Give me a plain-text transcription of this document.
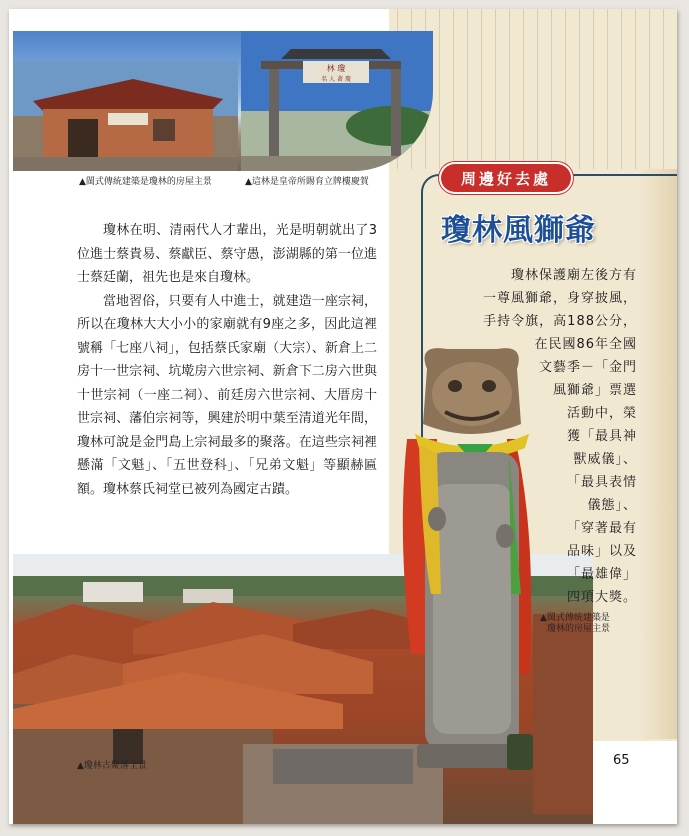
林 瓊
名 人 著 瓊
▲閩式傳統建築是瓊林的房屋主景	▲這林是皇帝所賜育立牌樓慶賀	周邊好去處
瓊林風獅爺

瓊林在明、清兩代人才輩出，光是明朝就出了3位進士蔡貴易、蔡獻臣、蔡守愚，澎湖縣的第一位進士蔡廷蘭，祖先也是來自瓊林。

當地習俗，只要有人中進士，就建造一座宗祠，所以在瓊林大大小小的家廟就有9座之多，因此這裡號稱「七座八祠」，包括蔡氏家廟（大宗）、新倉上二房十一世宗祠、坑墘房六世宗祠、新倉下二房六世與十世宗祠（一座二祠）、前廷房六世宗祠、大厝房十世宗祠、藩伯宗祠等，興建於明中葉至清道光年間，瓊林可說是金門島上宗祠最多的聚落。在這些宗祠裡懸滿「文魁」、「五世登科」、「兄弟文魁」等顯赫匾額。瓊林蔡氏祠堂已被列為國定古蹟。

瓊林保護廟左後方有
一尊風獅爺，身穿披風，
手持令旗，高188公分，
在民國86年全國
文藝季－「金門
風獅爺」票選
活動中，榮
獲「最具神
獸威儀」、
「最具表情
儀態」、
「穿著最有
品味」以及
「最雄偉」
四項大獎。
▲閩式傳統建築是
瓊林的房屋主景
▲瓊林古聚落全景	65
